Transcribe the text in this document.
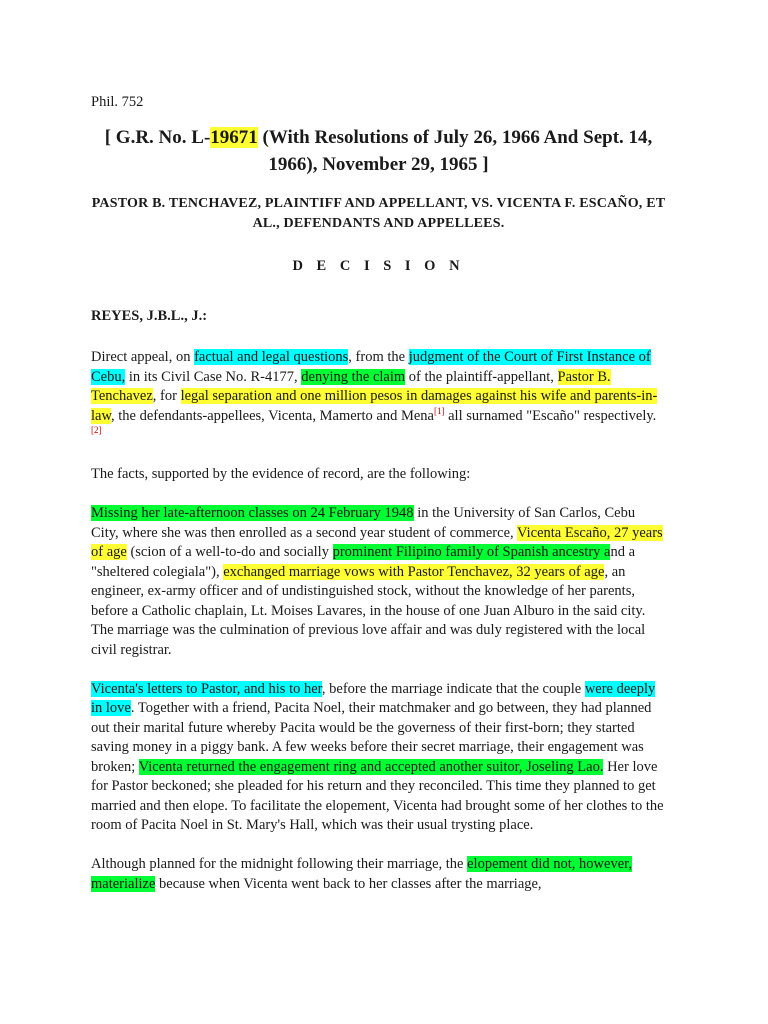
Phil. 752
[ G.R. No. L-19671 (With Resolutions of July 26, 1966 And Sept. 14, 1966), November 29, 1965 ]
PASTOR B. TENCHAVEZ, PLAINTIFF AND APPELLANT, VS. VICENTA F. ESCAÑO, ET AL., DEFENDANTS AND APPELLEES.
D E C I S I O N
REYES, J.B.L., J.:

Direct appeal, on factual and legal questions, from the judgment of the Court of First Instance of Cebu, in its Civil Case No. R-4177, denying the claim of the plaintiff-appellant, Pastor B. Tenchavez, for legal separation and one million pesos in damages against his wife and parents-in-law, the defendants-appellees, Vicenta, Mamerto and Mena[1] all surnamed "Escaño" respectively.[2]

The facts, supported by the evidence of record, are the following:

Missing her late-afternoon classes on 24 February 1948 in the University of San Carlos, Cebu City, where she was then enrolled as a second year student of commerce, Vicenta Escaño, 27 years of age (scion of a well-to-do and socially prominent Filipino family of Spanish ancestry and a "sheltered colegiala"), exchanged marriage vows with Pastor Tenchavez, 32 years of age, an engineer, ex-army officer and of undistinguished stock, without the knowledge of her parents, before a Catholic chaplain, Lt. Moises Lavares, in the house of one Juan Alburo in the said city. The marriage was the culmination of previous love affair and was duly registered with the local civil registrar.

Vicenta's letters to Pastor, and his to her, before the marriage indicate that the couple were deeply in love. Together with a friend, Pacita Noel, their matchmaker and go between, they had planned out their marital future whereby Pacita would be the governess of their first-born; they started saving money in a piggy bank. A few weeks before their secret marriage, their engagement was broken; Vicenta returned the engagement ring and accepted another suitor, Joseling Lao. Her love for Pastor beckoned; she pleaded for his return and they reconciled. This time they planned to get married and then elope. To facilitate the elopement, Vicenta had brought some of her clothes to the room of Pacita Noel in St. Mary's Hall, which was their usual trysting place.

Although planned for the midnight following their marriage, the elopement did not, however, materialize because when Vicenta went back to her classes after the marriage,
